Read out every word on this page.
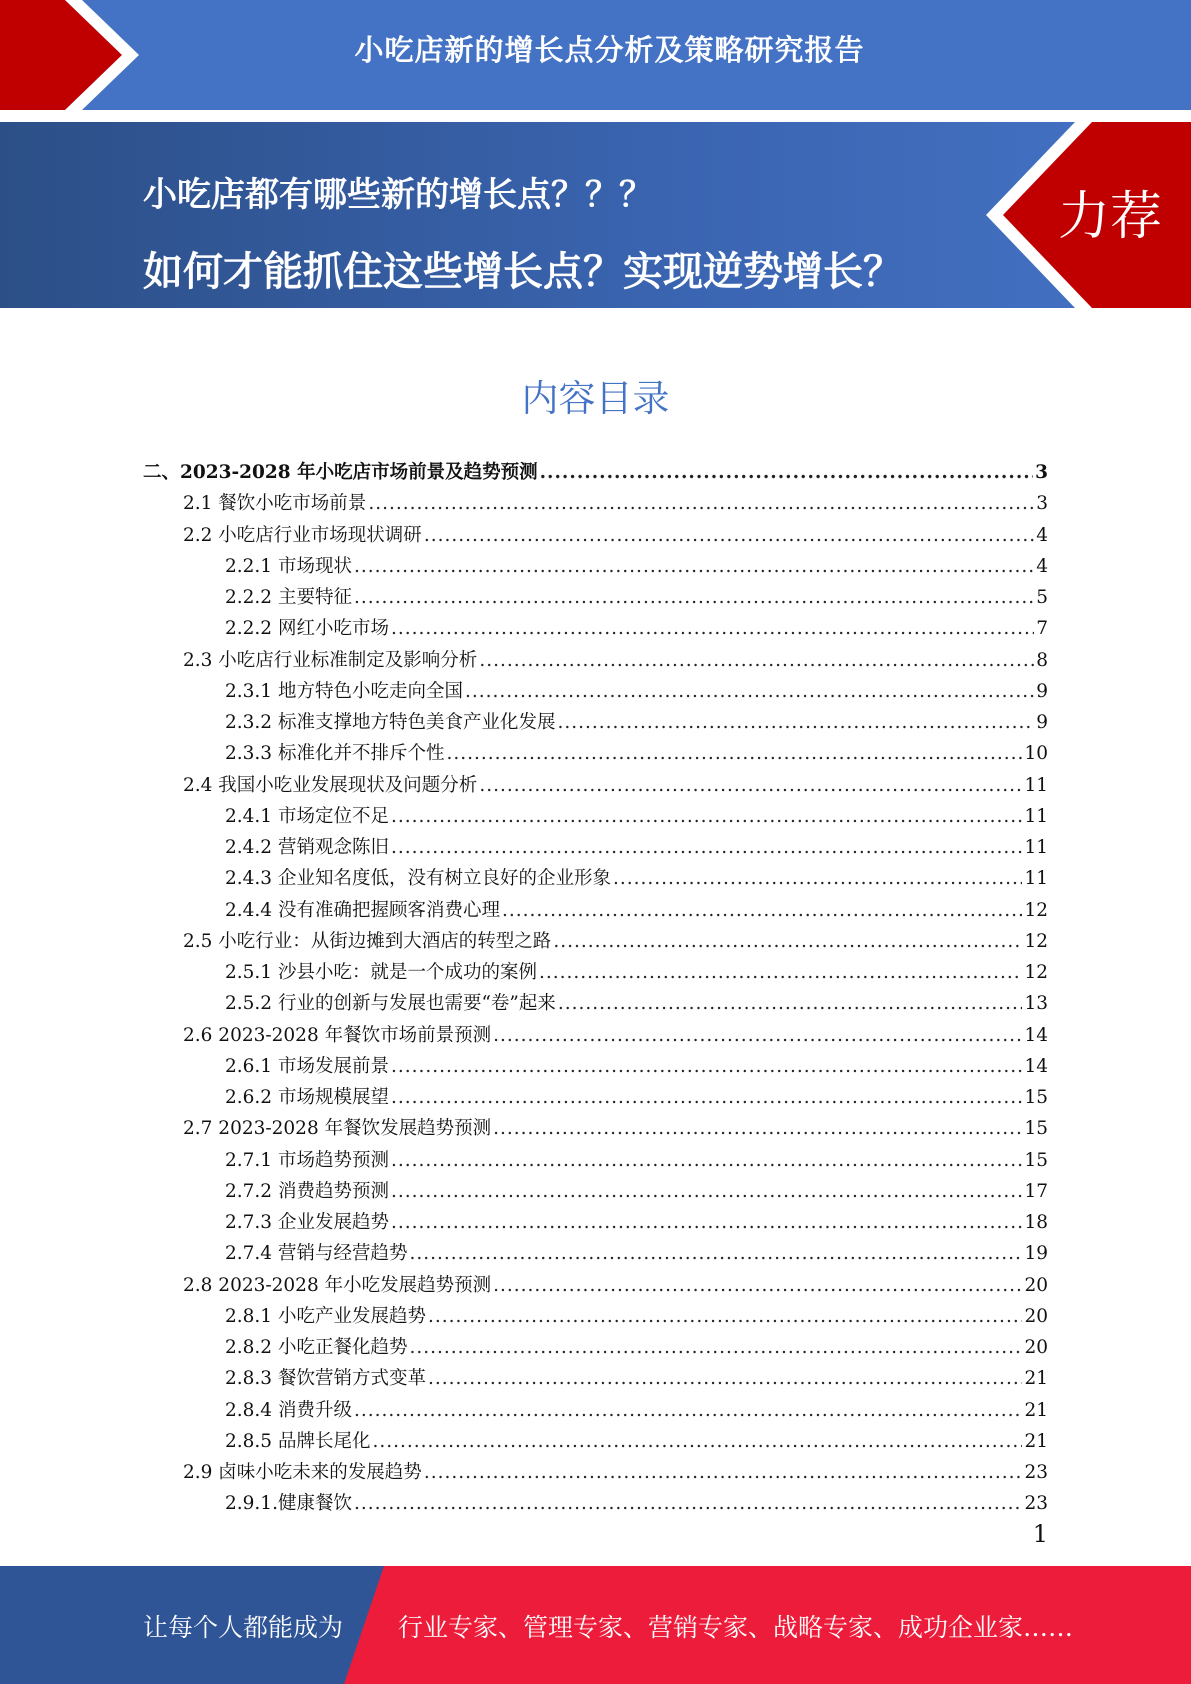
小吃店新的增长点分析及策略研究报告
小吃店都有哪些新的增长点？？？
如何才能抓住这些增长点？实现逆势增长？
力荐
内容目录
二、2023-2028 年小吃店市场前景及趋势预测 .....	3
2.1 餐饮小吃市场前景 .....	3
2.2 小吃店行业市场现状调研 .....	4
2.2.1 市场现状 .....	4
2.2.2 主要特征 .....	5
2.2.2 网红小吃市场 .....	7
2.3 小吃店行业标准制定及影响分析 .....	8
2.3.1 地方特色小吃走向全国 .....	9
2.3.2 标准支撑地方特色美食产业化发展 .....	9
2.3.3 标准化并不排斥个性 .....	10
2.4 我国小吃业发展现状及问题分析 .....	11
2.4.1 市场定位不足 .....	11
2.4.2 营销观念陈旧 .....	11
2.4.3 企业知名度低，没有树立良好的企业形象 .....	11
2.4.4 没有准确把握顾客消费心理 .....	12
2.5 小吃行业：从街边摊到大酒店的转型之路 .....	12
2.5.1 沙县小吃：就是一个成功的案例 .....	12
2.5.2 行业的创新与发展也需要“卷”起来 .....	13
2.6 2023-2028 年餐饮市场前景预测 .....	14
2.6.1 市场发展前景 .....	14
2.6.2 市场规模展望 .....	15
2.7 2023-2028 年餐饮发展趋势预测 .....	15
2.7.1 市场趋势预测 .....	15
2.7.2 消费趋势预测 .....	17
2.7.3 企业发展趋势 .....	18
2.7.4 营销与经营趋势 .....	19
2.8 2023-2028 年小吃发展趋势预测 .....	20
2.8.1 小吃产业发展趋势 .....	20
2.8.2 小吃正餐化趋势 .....	20
2.8.3 餐饮营销方式变革 .....	21
2.8.4 消费升级 .....	21
2.8.5 品牌长尾化 .....	21
2.9 卤味小吃未来的发展趋势 .....	23
2.9.1.健康餐饮 .....	23
1
让每个人都能成为 行业专家、管理专家、营销专家、战略专家、成功企业家……
